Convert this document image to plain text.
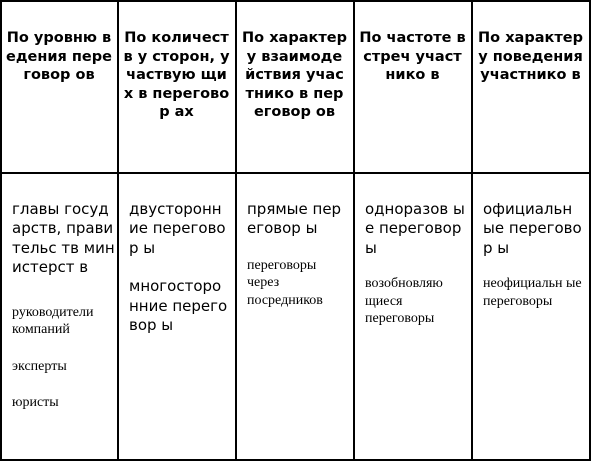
По уровню ведения переговор ов
По количеств у сторон, участвую щих в переговор ах
По характеру взаимоде йствия участнико в переговор ов
По частоте встреч участнико в
По характеру поведения участнико в
главы государств, правительс тв министерст в
руководители компаний
эксперты
юристы
двусторонн ие переговор ы
многосторо нние переговор ы
прямые переговор ы
переговоры через посредников
одноразов ые переговор ы
возобновляю щиеся переговоры
официальн ые переговор ы
неофициальн ые переговоры
